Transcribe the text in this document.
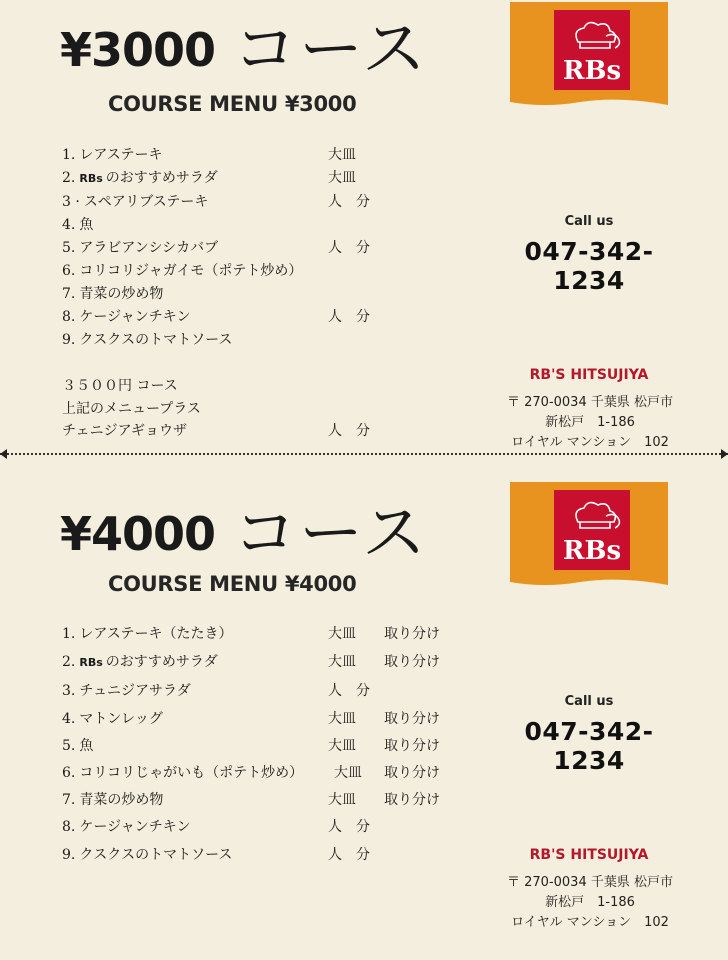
¥3000 コース
COURSE MENU ¥3000
1. レアステーキ	大皿
2. RBs のおすすめサラダ	大皿
3 · スペアリブステーキ	人　分
4. 魚
5. アラビアンシシカバブ	人　分
6. コリコリジャガイモ（ポテト炒め）
7. 青菜の炒め物
8. ケージャンチキン	人　分
9. クスクスのトマトソース
３５００円 コース
上記のメニュープラス
チェニジアギョウザ	人　分
RBs
Call us
047-342-1234
RB'S HITSUJIYA
〒 270-0034 千葉県 松戸市
新松戸　1-186
ロイヤル マンション　102
¥4000 コース
COURSE MENU ¥4000
1. レアステーキ（たたき）	大皿 取り分け
2. RBs のおすすめサラダ	大皿 取り分け
3. チュニジアサラダ	人　分
4. マトンレッグ	大皿 取り分け
5. 魚	大皿 取り分け
6. コリコリじゃがいも（ポテト炒め） 大皿 取り分け
7. 青菜の炒め物	大皿 取り分け
8. ケージャンチキン	人　分
9. クスクスのトマトソース	人　分
RBs
Call us
047-342-1234
RB'S HITSUJIYA
〒 270-0034 千葉県 松戸市
新松戸　1-186
ロイヤル マンション　102
